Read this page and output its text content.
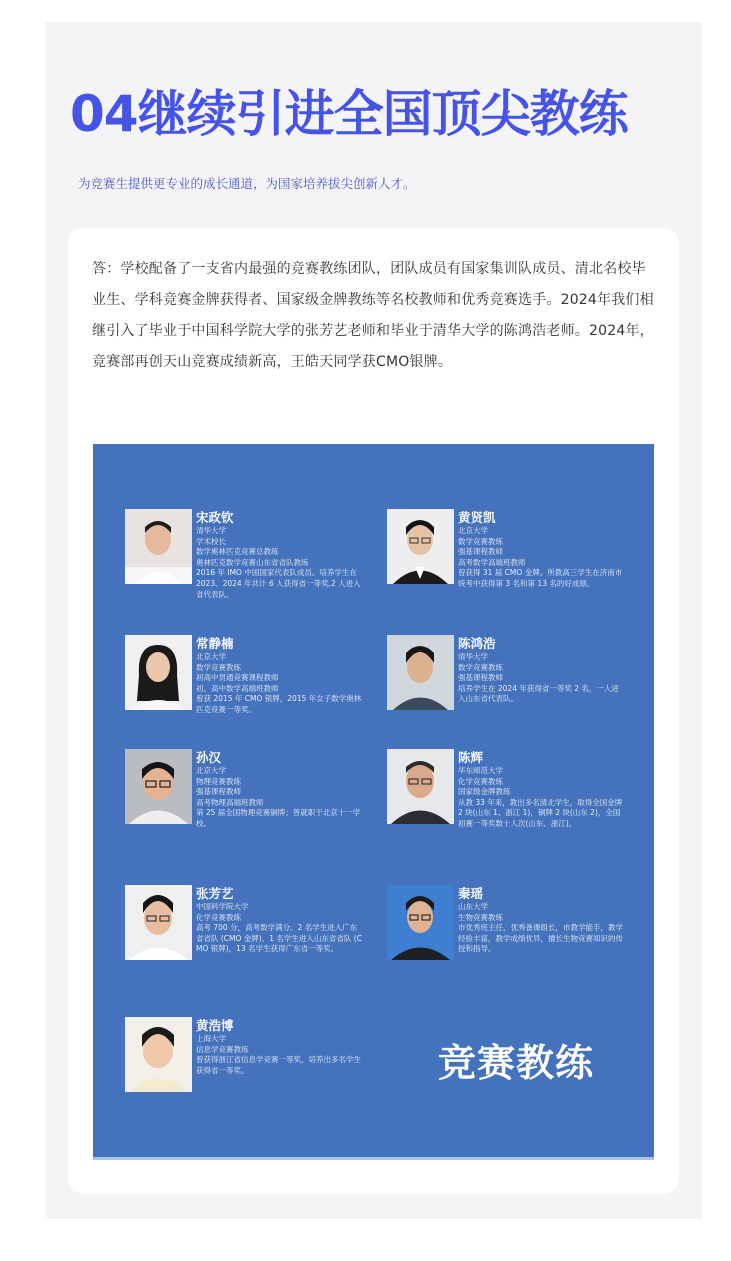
04继续引进全国顶尖教练
为竞赛生提供更专业的成长通道，为国家培养拔尖创新人才。

答：学校配备了一支省内最强的竞赛教练团队，团队成员有国家集训队成员、清北名校毕业生、学科竞赛金牌获得者、国家级金牌教练等名校教师和优秀竞赛选手。2024年我们相继引入了毕业于中国科学院大学的张芳艺老师和毕业于清华大学的陈鸿浩老师。2024年，竞赛部再创天山竞赛成绩新高，王皓天同学获CMO银牌。

宋政钦
清华大学
学术校长
数学奥林匹克竞赛总教练
奥林匹克数学竞赛山东省省队教练
2016 年 IMO 中国国家代表队成员。培养学生在 2023、2024 年共计 6 人获得省一等奖,2 人进入省代表队。
黄贤凯
北京大学
数学竞赛教练
强基课程教师
高考数学高端班教师
曾获得 31 届 CMO 金牌。所教高三学生在济南市统考中获得第 3 名和第 13 名的好成绩。
常静楠
北京大学
数学竞赛教练
初高中贯通竞赛课程教师
初、高中数学高端班教师
曾获 2015 年 CMO 银牌，2015 年女子数学奥林匹克竞赛一等奖。
陈鸿浩
清华大学
数学竞赛教练
强基课程教师
培养学生在 2024 年获得省一等奖 2 名，一人进入山东省代表队。
孙汉
北京大学
物理竞赛教练
强基课程教师
高考物理高端班教师
第 25 届全国物理竞赛铜牌；曾就职于北京十一学校。
陈辉
华东师范大学
化学竞赛教练
国家级金牌教练
从教 33 年来，教出多名清北学生，取得全国金牌 2 块(山东 1、浙江 1)，铜牌 2 块(山东 2)，全国初赛一等奖数十人次(山东、浙江)。
张芳艺
中国科学院大学
化学竞赛教练
高考 700 分，高考数学满分。2 名学生进入广东省省队 (CMO 金牌)、1 名学生进入山东省省队 (CMO 银牌)，13 名学生获得广东省一等奖。
秦瑶
山东大学
生物竞赛教练
市优秀班主任，优秀备课组长，市教学能手，教学经验丰富，教学成绩优异，擅长生物竞赛知识的传授和指导。
黄浩博
上海大学
信息学竞赛教练
曾获得浙江省信息学竞赛一等奖，培养出多名学生获得省一等奖。	竞赛教练
